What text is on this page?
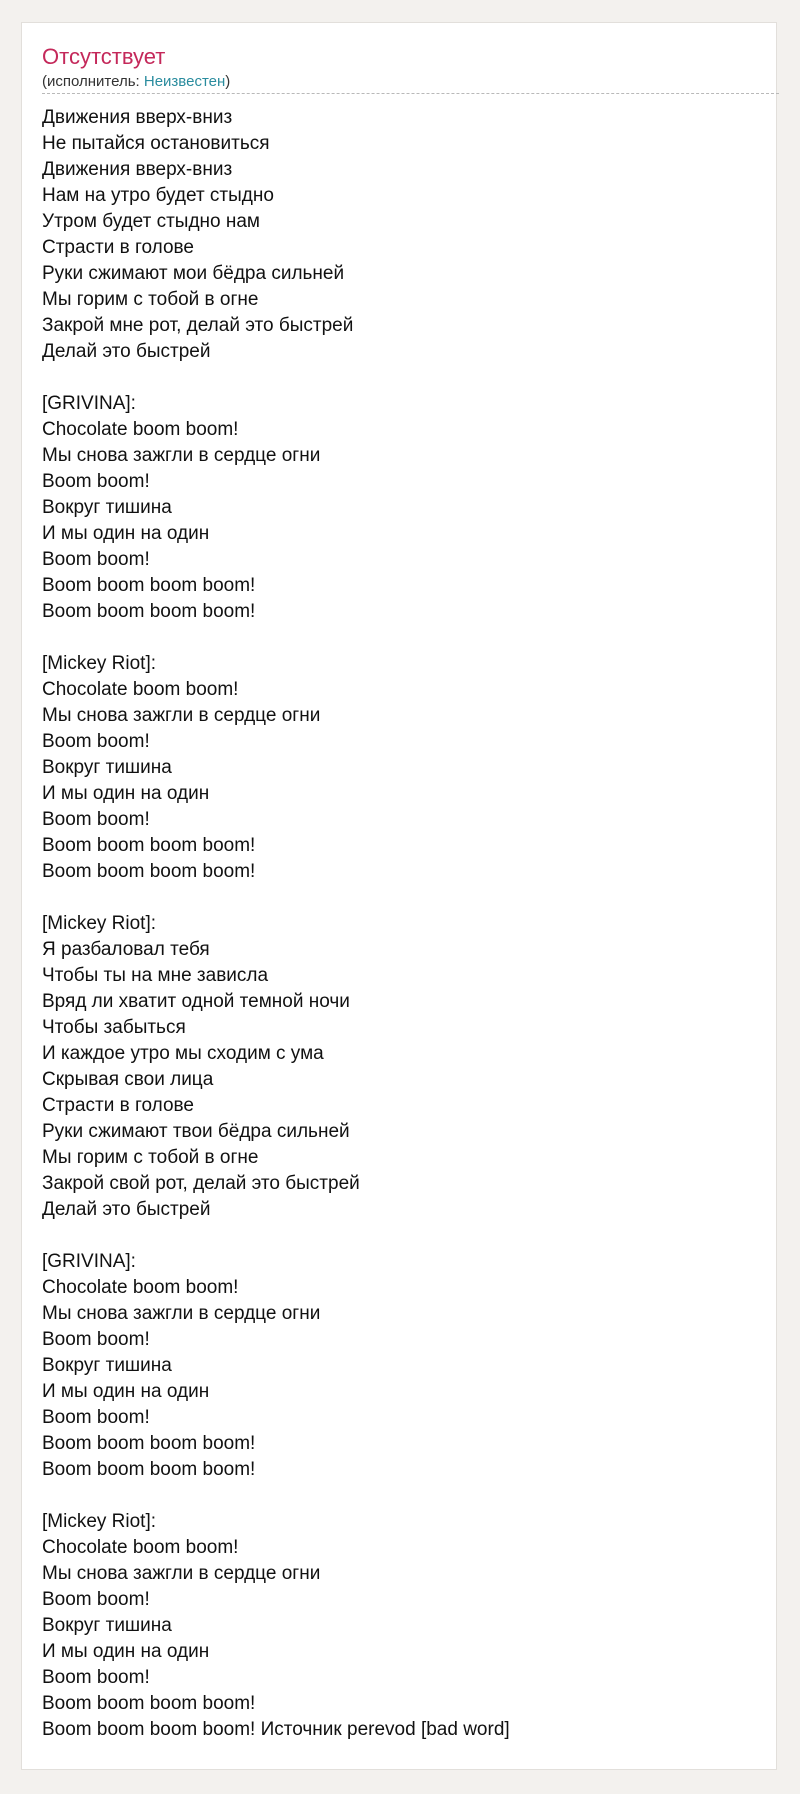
Отсутствует
(исполнитель: Неизвестен)
Движения вверх-вниз
Не пытайся остановиться
Движения вверх-вниз
Нам на утро будет стыдно
Утром будет стыдно нам
Страсти в голове
Руки сжимают мои бёдра сильней
Мы горим с тобой в огне
Закрой мне рот, делай это быстрей
Делай это быстрей
[GRIVINA]:
Chocolate boom boom!
Мы снова зажгли в сердце огни
Boom boom!
Вокруг тишина
И мы один на один
Boom boom!
Boom boom boom boom!
Boom boom boom boom!
[Mickey Riot]:
Chocolate boom boom!
Мы снова зажгли в сердце огни
Boom boom!
Вокруг тишина
И мы один на один
Boom boom!
Boom boom boom boom!
Boom boom boom boom!
[Mickey Riot]:
Я разбаловал тебя
Чтобы ты на мне зависла
Вряд ли хватит одной темной ночи
Чтобы забыться
И каждое утро мы сходим с ума
Скрывая свои лица
Страсти в голове
Руки сжимают твои бёдра сильней
Мы горим с тобой в огне
Закрой свой рот, делай это быстрей
Делай это быстрей
[GRIVINA]:
Chocolate boom boom!
Мы снова зажгли в сердце огни
Boom boom!
Вокруг тишина
И мы один на один
Boom boom!
Boom boom boom boom!
Boom boom boom boom!
[Mickey Riot]:
Chocolate boom boom!
Мы снова зажгли в сердце огни
Boom boom!
Вокруг тишина
И мы один на один
Boom boom!
Boom boom boom boom!
Boom boom boom boom! Источник perevod [bad word]
